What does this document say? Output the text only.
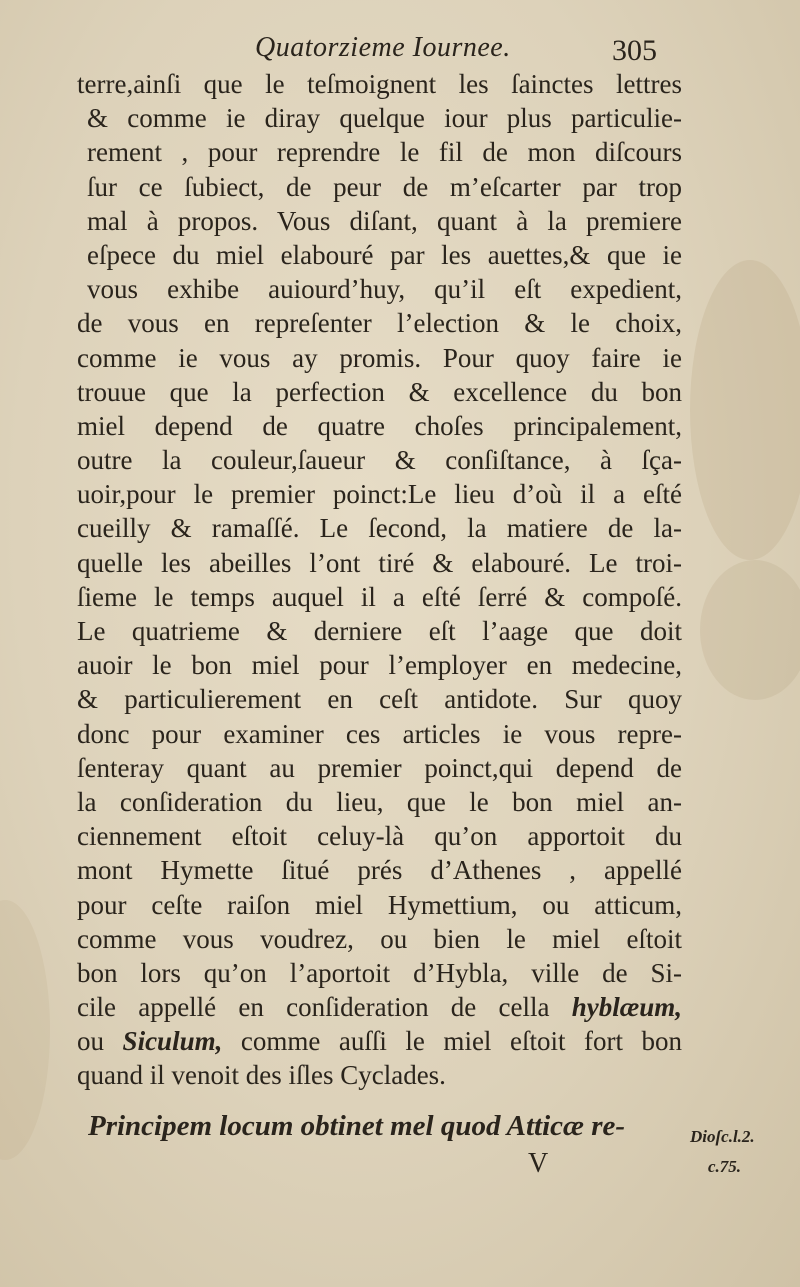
Quatorzieme Iournee.	305
terre,ainſi que le teſmoignent les ſainctes lettres
& comme ie diray quelque iour plus particulie-
rement , pour reprendre le fil de mon diſcours
ſur ce ſubiect, de peur de m’eſcarter par trop
mal à propos. Vous diſant, quant à la premiere
eſpece du miel elabouré par les auettes,& que ie
vous exhibe auiourd’huy, qu’il eſt expedient,
de vous en repreſenter l’election & le choix,
comme ie vous ay promis. Pour quoy faire ie
trouue que la perfection & excellence du bon
miel depend de quatre choſes principalement,
outre la couleur,ſaueur & conſiſtance, à ſça-
uoir,pour le premier poinct:Le lieu d’où il a eſté
cueilly & ramaſſé. Le ſecond, la matiere de la-
quelle les abeilles l’ont tiré & elabouré. Le troi-
ſieme le temps auquel il a eſté ſerré & compoſé.
Le quatrieme & derniere eſt l’aage que doit
auoir le bon miel pour l’employer en medecine,
& particulierement en ceſt antidote. Sur quoy
donc pour examiner ces articles ie vous repre-
ſenteray quant au premier poinct,qui depend de
la conſideration du lieu, que le bon miel an-
ciennement eſtoit celuy-là qu’on apportoit du
mont Hymette ſitué prés d’Athenes , appellé
pour ceſte raiſon miel Hymettium, ou atticum,
comme vous voudrez, ou bien le miel eſtoit
bon lors qu’on l’aportoit d’Hybla, ville de Si-
cile appellé en conſideration de cella hyblæum,
ou Siculum, comme auſſi le miel eſtoit fort bon
quand il venoit des iſles Cyclades.
Principem locum obtinet mel quod Atticæ re-
V
Dioſc.l.2.
c.75.
